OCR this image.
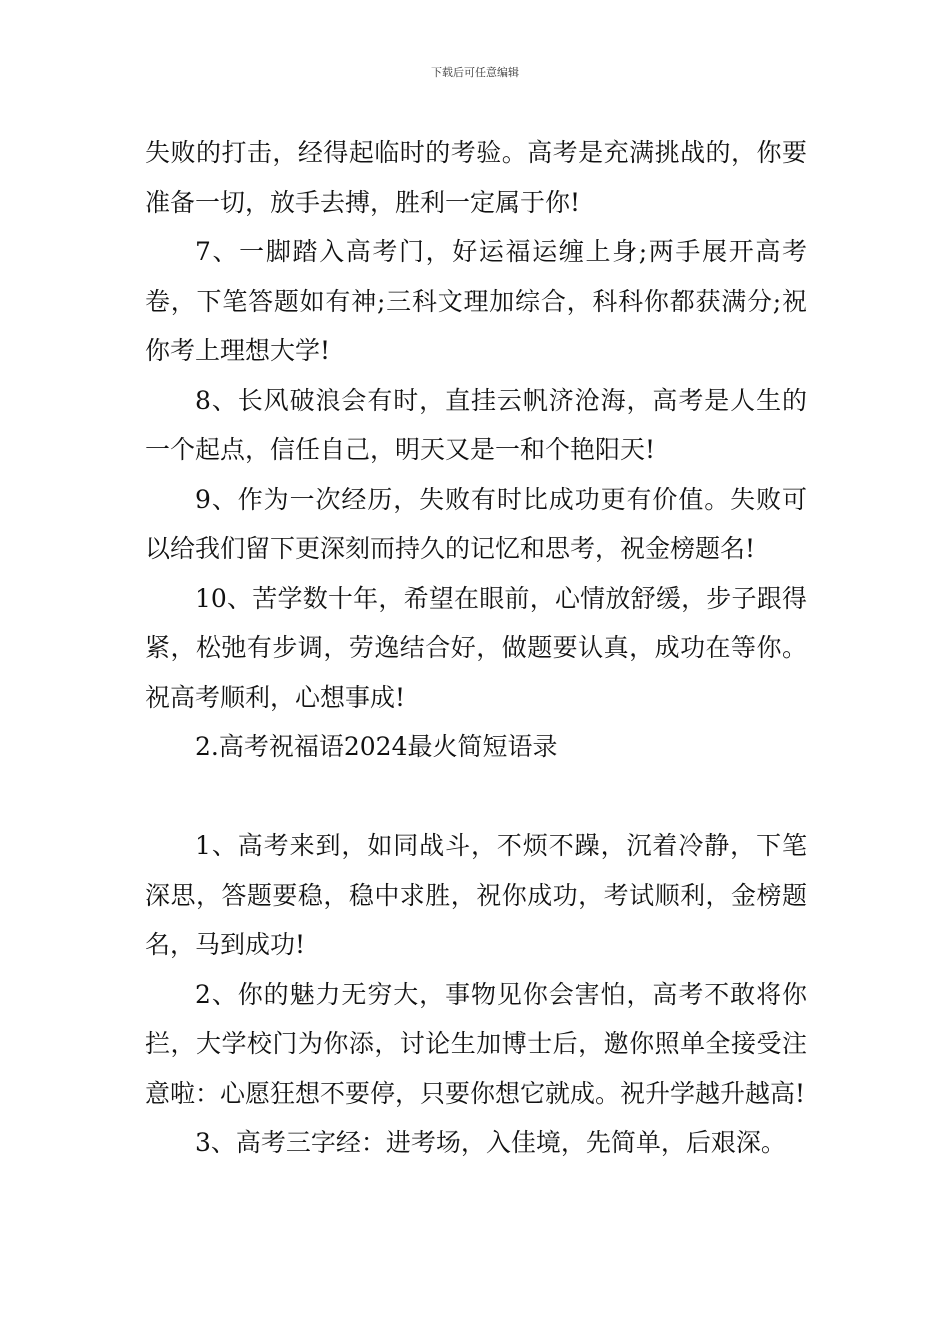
下载后可任意编辑

失败的打击，经得起临时的考验。高考是充满挑战的，你要准备一切，放手去搏，胜利一定属于你!

7、一脚踏入高考门，好运福运缠上身;两手展开高考卷，下笔答题如有神;三科文理加综合，科科你都获满分;祝你考上理想大学!

8、长风破浪会有时，直挂云帆济沧海，高考是人生的一个起点，信任自己，明天又是一和个艳阳天!

9、作为一次经历，失败有时比成功更有价值。失败可以给我们留下更深刻而持久的记忆和思考，祝金榜题名!

10、苦学数十年，希望在眼前，心情放舒缓，步子跟得紧，松弛有步调，劳逸结合好，做题要认真，成功在等你。祝高考顺利，心想事成!

2.高考祝福语2024最火简短语录

1、高考来到，如同战斗，不烦不躁，沉着冷静，下笔深思，答题要稳，稳中求胜，祝你成功，考试顺利，金榜题名，马到成功!

2、你的魅力无穷大，事物见你会害怕，高考不敢将你拦，大学校门为你添，讨论生加博士后，邀你照单全接受注意啦：心愿狂想不要停，只要你想它就成。祝升学越升越高!

3、高考三字经：进考场，入佳境，先简单，后艰深。
